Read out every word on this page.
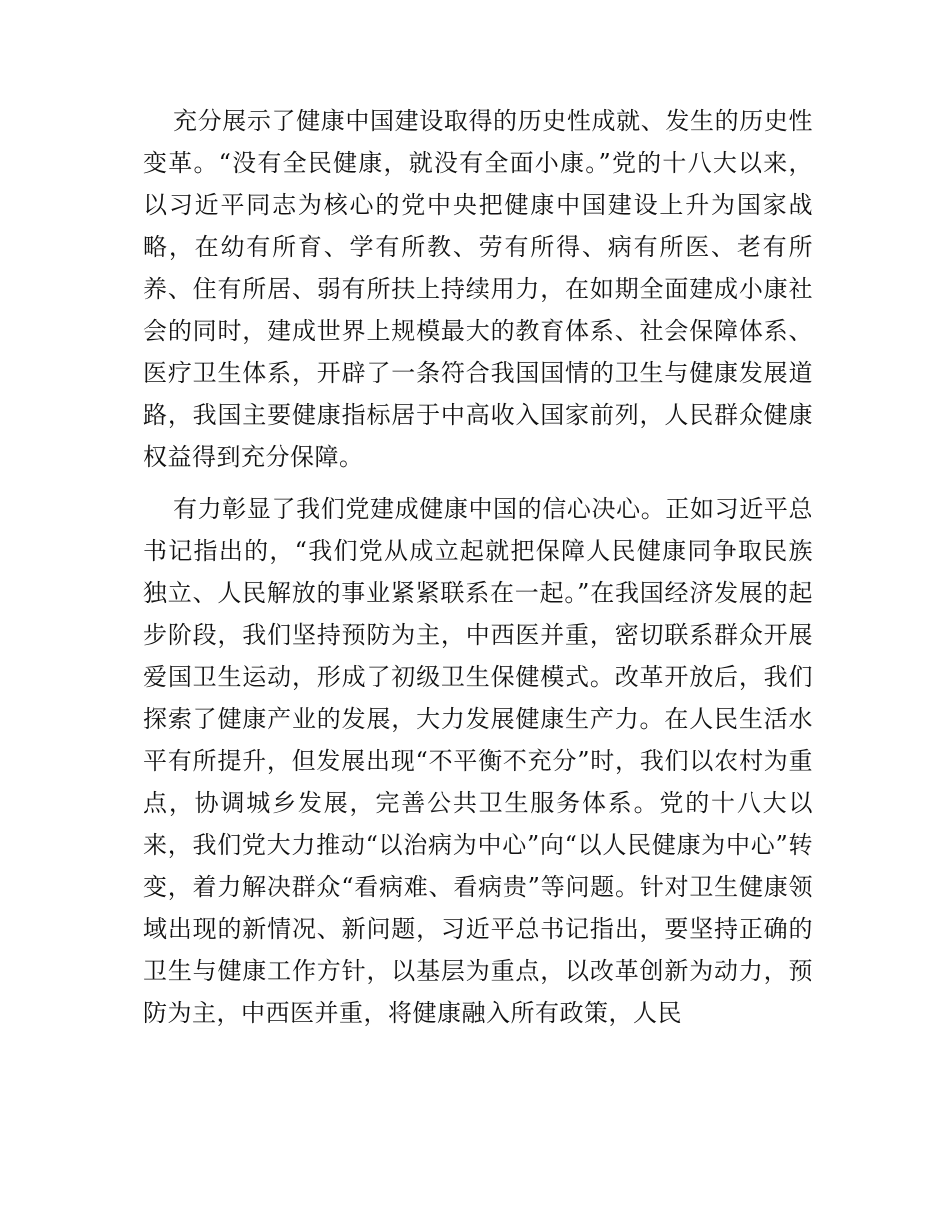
充分展示了健康中国建设取得的历史性成就、发生的历史性变革。“没有全民健康，就没有全面小康。”党的十八大以来，以习近平同志为核心的党中央把健康中国建设上升为国家战略，在幼有所育、学有所教、劳有所得、病有所医、老有所养、住有所居、弱有所扶上持续用力，在如期全面建成小康社会的同时，建成世界上规模最大的教育体系、社会保障体系、医疗卫生体系，开辟了一条符合我国国情的卫生与健康发展道路，我国主要健康指标居于中高收入国家前列，人民群众健康权益得到充分保障。

有力彰显了我们党建成健康中国的信心决心。正如习近平总书记指出的，“我们党从成立起就把保障人民健康同争取民族独立、人民解放的事业紧紧联系在一起。”在我国经济发展的起步阶段，我们坚持预防为主，中西医并重，密切联系群众开展爱国卫生运动，形成了初级卫生保健模式。改革开放后，我们探索了健康产业的发展，大力发展健康生产力。在人民生活水平有所提升，但发展出现“不平衡不充分”时，我们以农村为重点，协调城乡发展，完善公共卫生服务体系。党的十八大以来，我们党大力推动“以治病为中心”向“以人民健康为中心”转变，着力解决群众“看病难、看病贵”等问题。针对卫生健康领域出现的新情况、新问题，习近平总书记指出，要坚持正确的卫生与健康工作方针，以基层为重点，以改革创新为动力，预防为主，中西医并重，将健康融入所有政策，人民
